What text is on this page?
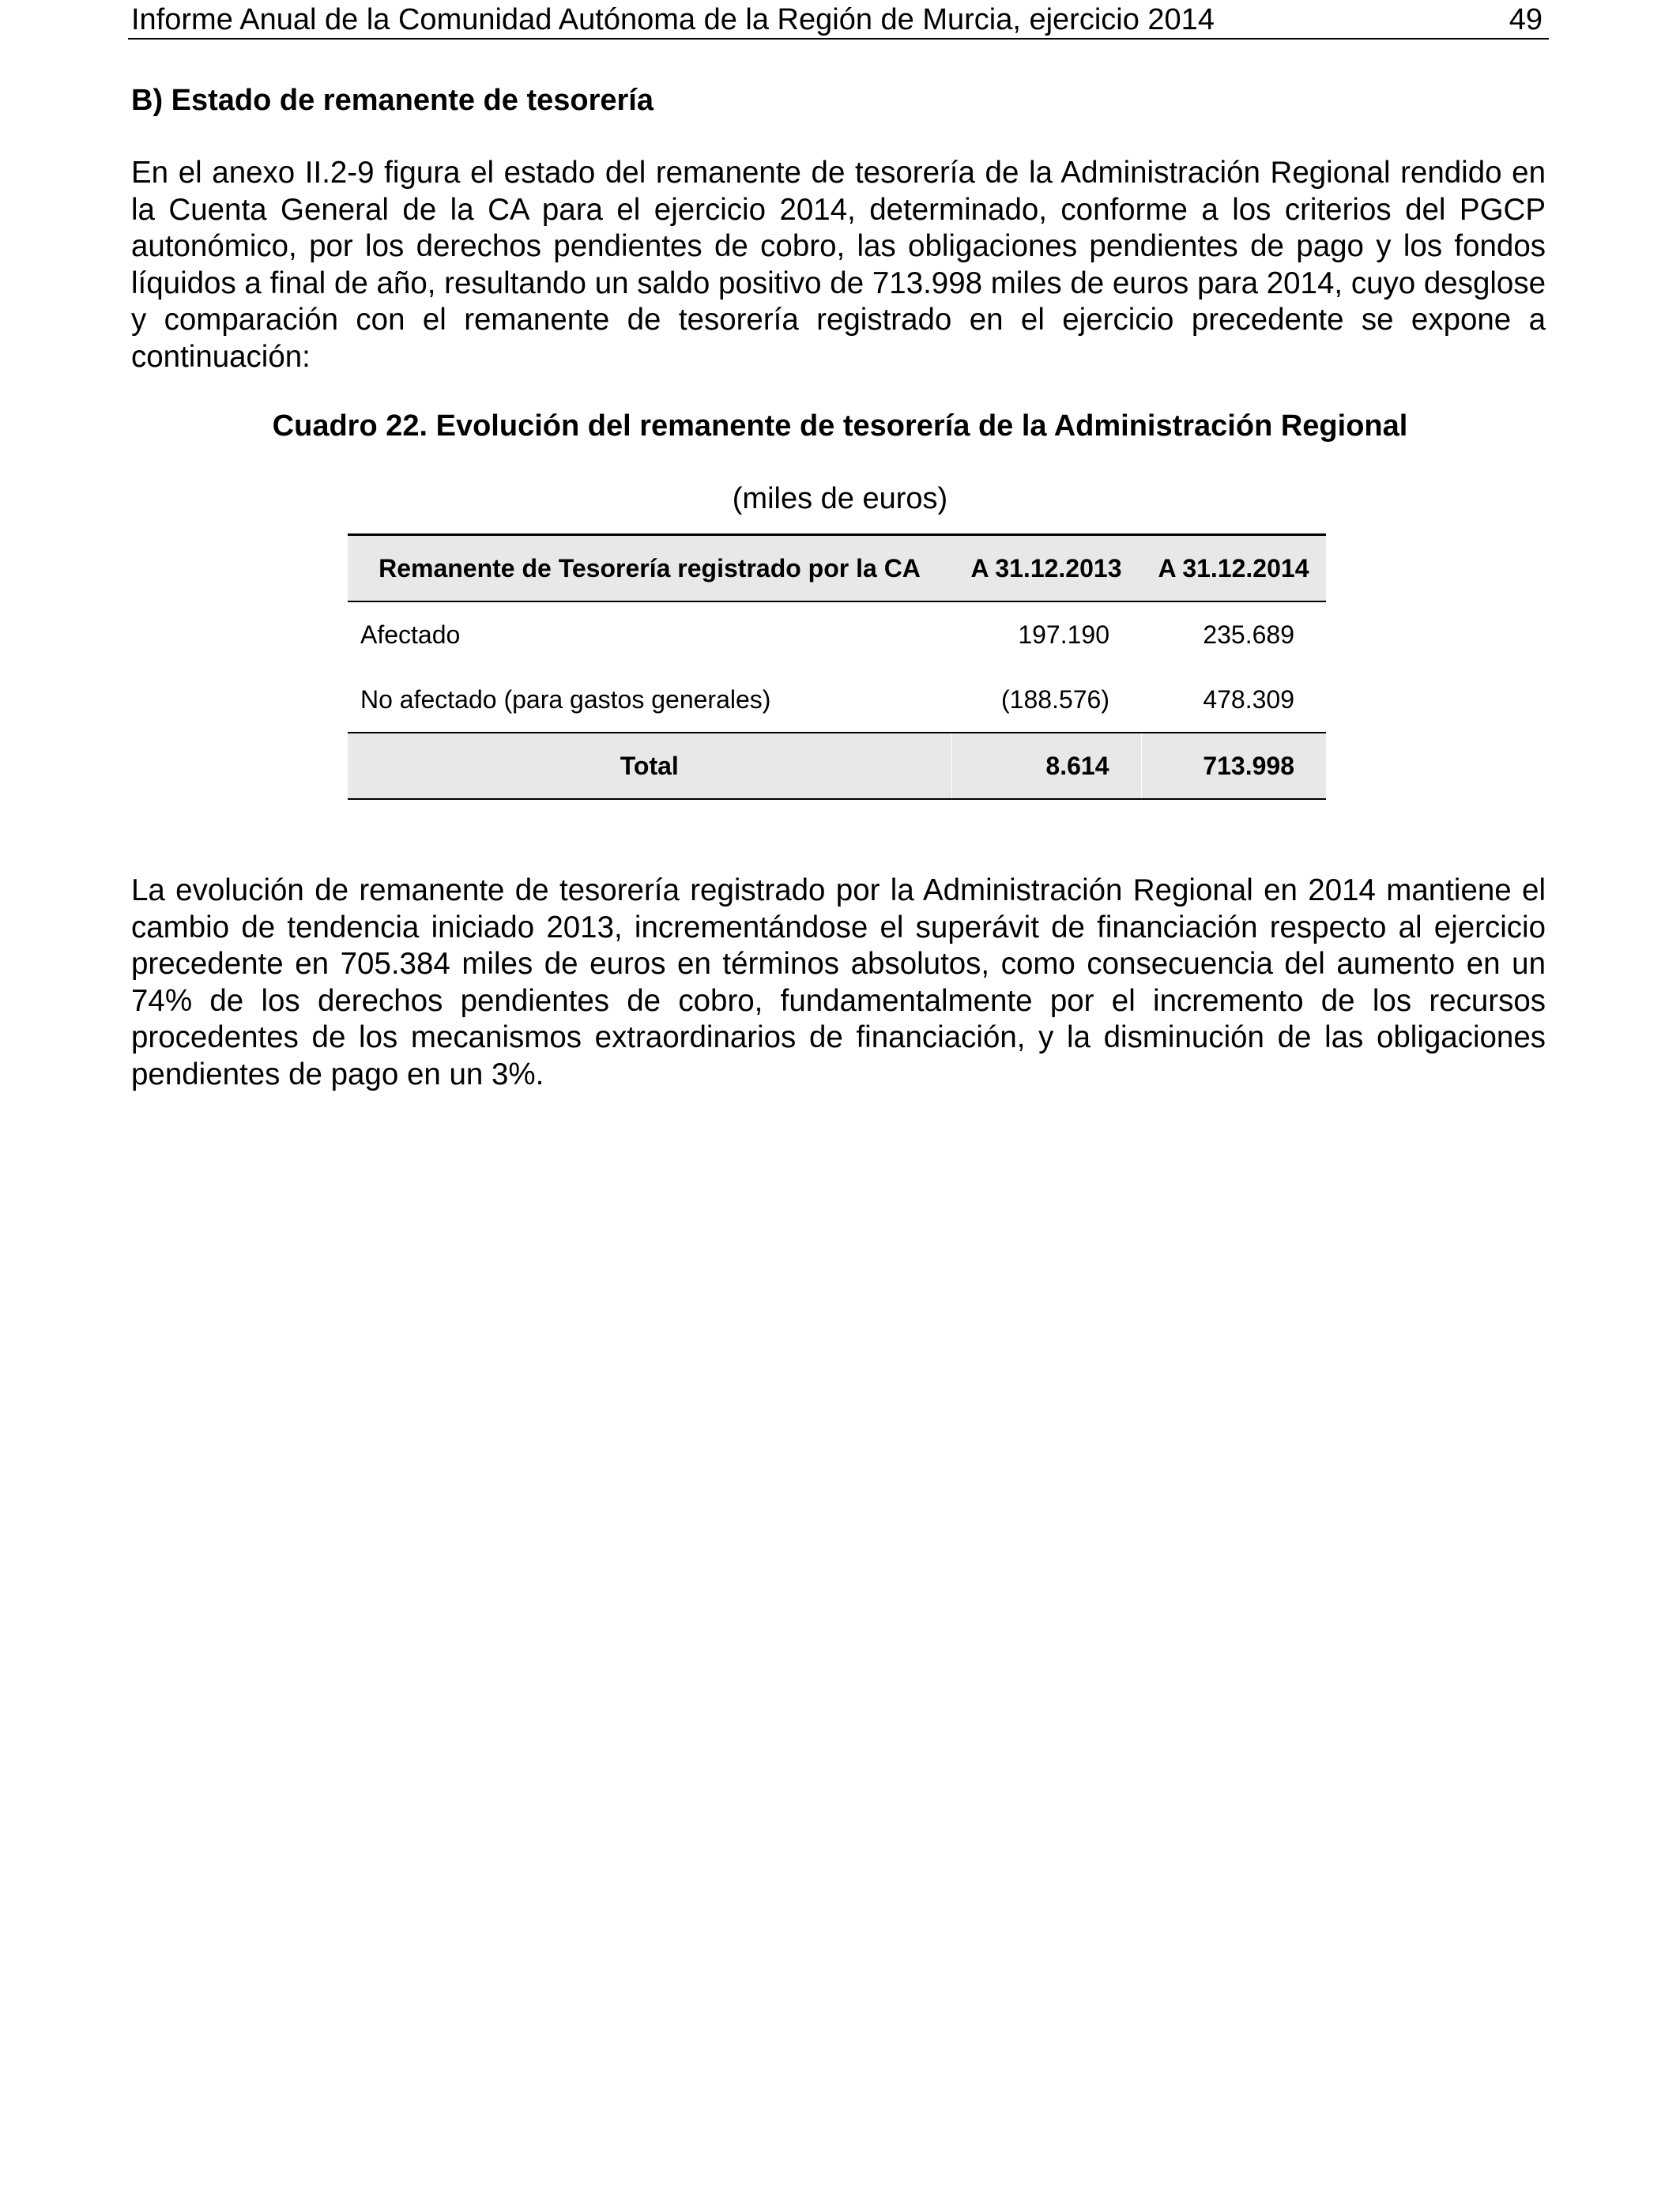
Informe Anual de la Comunidad Autónoma de la Región de Murcia, ejercicio 2014	49
B) Estado de remanente de tesorería

En el anexo II.2-9 figura el estado del remanente de tesorería de la Administración Regional rendido en la Cuenta General de la CA para el ejercicio 2014, determinado, conforme a los criterios del PGCP autonómico, por los derechos pendientes de cobro, las obligaciones pendientes de pago y los fondos líquidos a final de año, resultando un saldo positivo de 713.998 miles de euros para 2014, cuyo desglose y comparación con el remanente de tesorería registrado en el ejercicio precedente se expone a continuación:

Cuadro 22. Evolución del remanente de tesorería de la Administración Regional
(miles de euros)
Remanente de Tesorería registrado por la CA	A 31.12.2013	A 31.12.2014
Afectado	197.190	235.689
No afectado (para gastos generales)	(188.576)	478.309
Total	8.614	713.998

La evolución de remanente de tesorería registrado por la Administración Regional en 2014 mantiene el cambio de tendencia iniciado 2013, incrementándose el superávit de financiación respecto al ejercicio precedente en 705.384 miles de euros en términos absolutos, como consecuencia del aumento en un 74% de los derechos pendientes de cobro, fundamentalmente por el incremento de los recursos procedentes de los mecanismos extraordinarios de financiación, y la disminución de las obligaciones pendientes de pago en un 3%.
